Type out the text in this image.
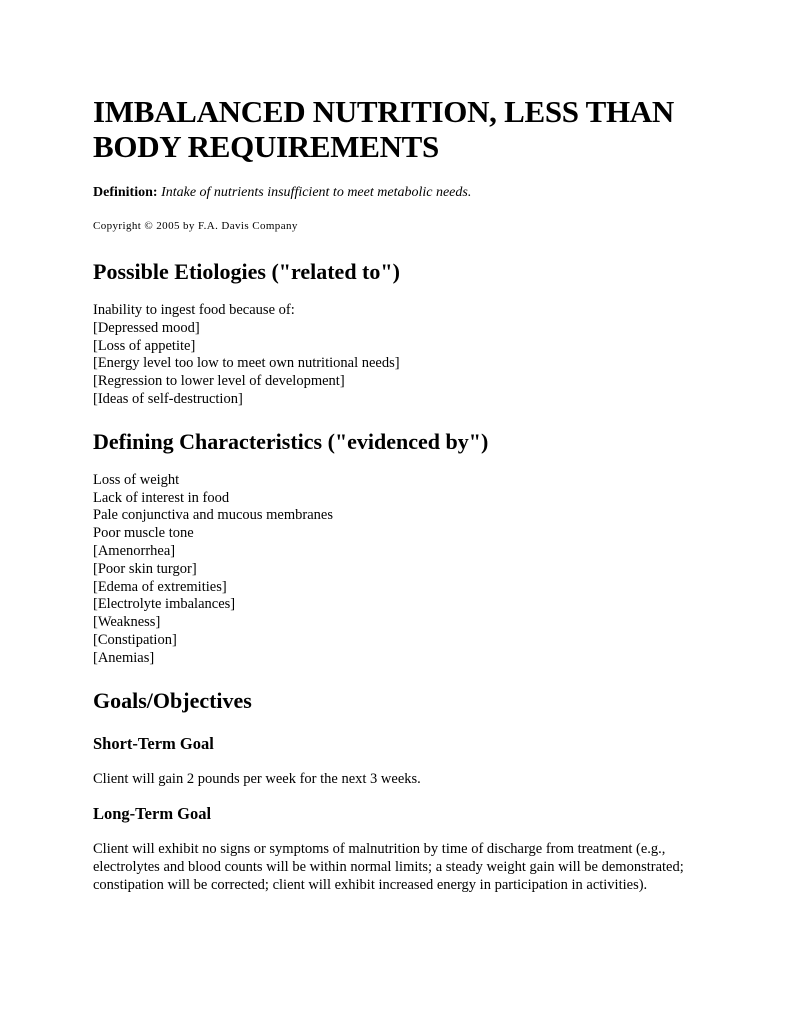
IMBALANCED NUTRITION, LESS THAN BODY REQUIREMENTS

Definition: Intake of nutrients insufficient to meet metabolic needs.

Copyright © 2005 by F.A. Davis Company

Possible Etiologies ("related to")
Inability to ingest food because of:
[Depressed mood]
[Loss of appetite]
[Energy level too low to meet own nutritional needs]
[Regression to lower level of development]
[Ideas of self-destruction]
Defining Characteristics ("evidenced by")
Loss of weight
Lack of interest in food
Pale conjunctiva and mucous membranes
Poor muscle tone
[Amenorrhea]
[Poor skin turgor]
[Edema of extremities]
[Electrolyte imbalances]
[Weakness]
[Constipation]
[Anemias]
Goals/Objectives
Short-Term Goal

Client will gain 2 pounds per week for the next 3 weeks.

Long-Term Goal

Client will exhibit no signs or symptoms of malnutrition by time of discharge from treatment (e.g., electrolytes and blood counts will be within normal limits; a steady weight gain will be demonstrated; constipation will be corrected; client will exhibit increased energy in participation in activities).
